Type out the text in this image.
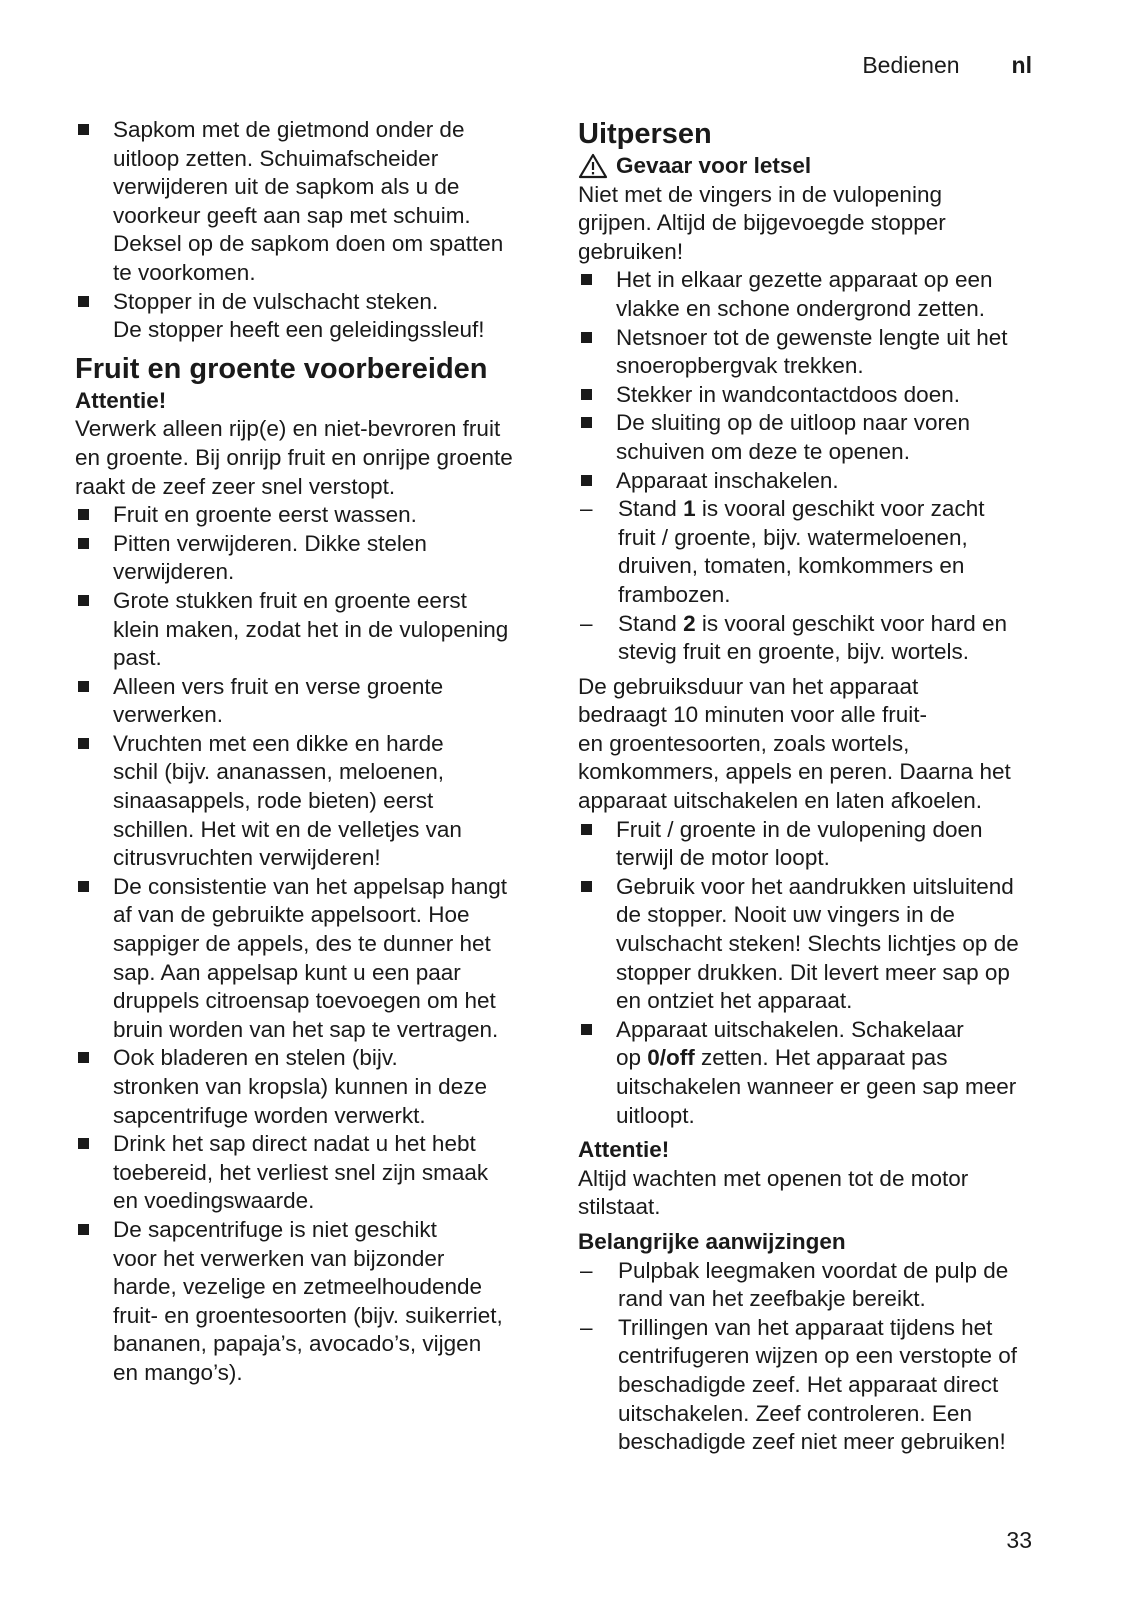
Bedienen nl
Sapkom met de gietmond onder de
uitloop zetten. Schuimafscheider
verwijderen uit de sapkom als u de
voorkeur geeft aan sap met schuim.
Deksel op de sapkom doen om spatten
te voorkomen.
Stopper in de vulschacht steken.
De stopper heeft een geleidingssleuf!
Fruit en groente voorbereiden
Attentie!
Verwerk alleen rijp(e) en niet-bevroren fruit
en groente. Bij onrijp fruit en onrijpe groente
raakt de zeef zeer snel verstopt.
Fruit en groente eerst wassen.
Pitten verwijderen. Dikke stelen
verwijderen.
Grote stukken fruit en groente eerst
klein maken, zodat het in de vulopening
past.
Alleen vers fruit en verse groente
verwerken.
Vruchten met een dikke en harde
schil (bijv. ananassen, meloenen,
sinaasappels, rode bieten) eerst
schillen. Het wit en de velletjes van
citrusvruchten verwijderen!
De consistentie van het appelsap hangt
af van de gebruikte appelsoort. Hoe
sappiger de appels, des te dunner het
sap. Aan appelsap kunt u een paar
druppels citroensap toevoegen om het
bruin worden van het sap te vertragen.
Ook bladeren en stelen (bijv.
stronken van kropsla) kunnen in deze
sapcentrifuge worden verwerkt.
Drink het sap direct nadat u het hebt
toebereid, het verliest snel zijn smaak
en voedingswaarde.
De sapcentrifuge is niet geschikt
voor het verwerken van bijzonder
harde, vezelige en zetmeelhoudende
fruit- en groentesoorten (bijv. suikerriet,
bananen, papaja’s, avocado’s, vijgen
en mango’s).
Uitpersen
Gevaar voor letsel
Niet met de vingers in de vulopening
grijpen. Altijd de bijgevoegde stopper
gebruiken!
Het in elkaar gezette apparaat op een
vlakke en schone ondergrond zetten.
Netsnoer tot de gewenste lengte uit het
snoeropbergvak trekken.
Stekker in wandcontactdoos doen.
De sluiting op de uitloop naar voren
schuiven om deze te openen.
Apparaat inschakelen.
–	Stand 1 is vooral geschikt voor zacht
fruit / groente, bijv. watermeloenen,
druiven, tomaten, komkommers en
frambozen.
–	Stand 2 is vooral geschikt voor hard en
stevig fruit en groente, bijv. wortels.
De gebruiksduur van het apparaat
bedraagt 10 minuten voor alle fruit-
en groentesoorten, zoals wortels,
komkommers, appels en peren. Daarna het
apparaat uitschakelen en laten afkoelen.
Fruit / groente in de vulopening doen
terwijl de motor loopt.
Gebruik voor het aandrukken uitsluitend
de stopper. Nooit uw vingers in de
vulschacht steken! Slechts lichtjes op de
stopper drukken. Dit levert meer sap op
en ontziet het apparaat.
Apparaat uitschakelen. Schakelaar
op 0/off zetten. Het apparaat pas
uitschakelen wanneer er geen sap meer
uitloopt.
Attentie!
Altijd wachten met openen tot de motor
stilstaat.
Belangrijke aanwijzingen
–	Pulpbak leegmaken voordat de pulp de
rand van het zeefbakje bereikt.
–	Trillingen van het apparaat tijdens het
centrifugeren wijzen op een verstopte of
beschadigde zeef. Het apparaat direct
uitschakelen. Zeef controleren. Een
beschadigde zeef niet meer gebruiken!
33
